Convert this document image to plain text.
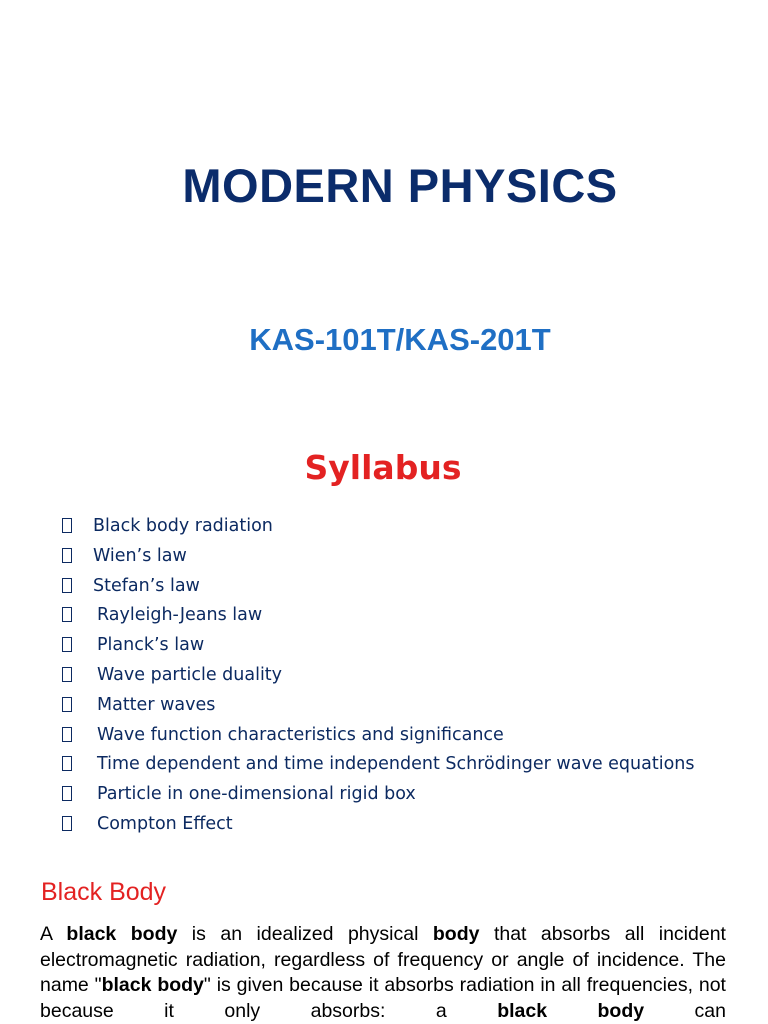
MODERN PHYSICS
KAS-101T/KAS-201T
Syllabus
Black body radiation
Wien’s law
Stefan’s law
Rayleigh-Jeans law
Planck’s law
Wave particle duality
Matter waves
Wave function characteristics and significance
Time dependent and time independent Schrödinger wave equations
Particle in one-dimensional rigid box
Compton Effect
Black Body

A black body is an idealized physical body that absorbs all incident electromagnetic radiation, regardless of frequency or angle of incidence. The name "black body" is given because it absorbs radiation in all frequencies, not because it only absorbs: a black body can
